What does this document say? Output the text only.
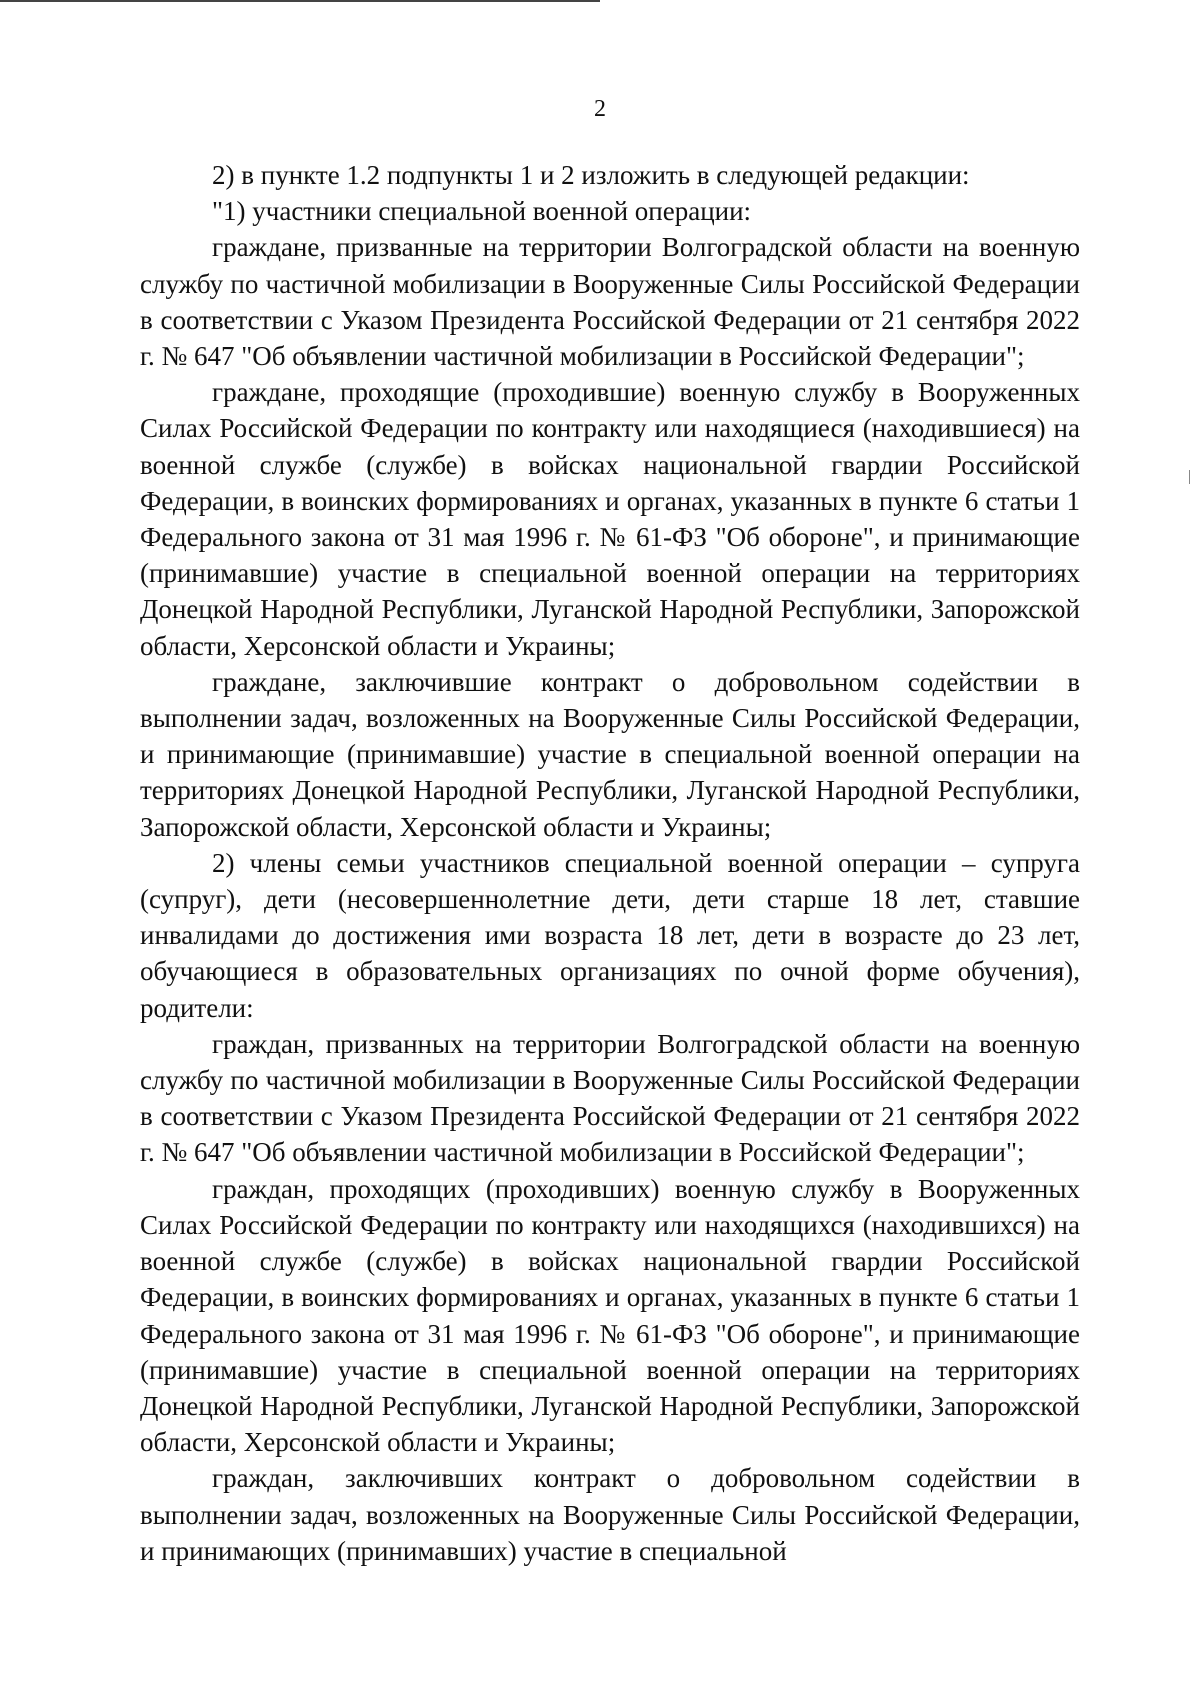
2

2) в пункте 1.2 подпункты 1 и 2 изложить в следующей редакции:

"1) участники специальной военной операции:

граждане, призванные на территории Волгоградской области на военную службу по частичной мобилизации в Вооруженные Силы Российской Федерации в соответствии с Указом Президента Российской Федерации от 21 сентября 2022 г. № 647 "Об объявлении частичной мобилизации в Российской Федерации";

граждане, проходящие (проходившие) военную службу в Вооруженных Силах Российской Федерации по контракту или находящиеся (находившиеся) на военной службе (службе) в войсках национальной гвардии Российской Федерации, в воинских формированиях и органах, указанных в пункте 6 статьи 1 Федерального закона от 31 мая 1996 г. № 61-ФЗ "Об обороне", и принимающие (принимавшие) участие в специальной военной операции на территориях Донецкой Народной Республики, Луганской Народной Республики, Запорожской области, Херсонской области и Украины;

граждане, заключившие контракт о добровольном содействии в выполнении задач, возложенных на Вооруженные Силы Российской Федерации, и принимающие (принимавшие) участие в специальной военной операции на территориях Донецкой Народной Республики, Луганской Народной Республики, Запорожской области, Херсонской области и Украины;

2) члены семьи участников специальной военной операции – супруга (супруг), дети (несовершеннолетние дети, дети старше 18 лет, ставшие инвалидами до достижения ими возраста 18 лет, дети в возрасте до 23 лет, обучающиеся в образовательных организациях по очной форме обучения), родители:

граждан, призванных на территории Волгоградской области на военную службу по частичной мобилизации в Вооруженные Силы Российской Федерации в соответствии с Указом Президента Российской Федерации от 21 сентября 2022 г. № 647 "Об объявлении частичной мобилизации в Российской Федерации";

граждан, проходящих (проходивших) военную службу в Вооруженных Силах Российской Федерации по контракту или находящихся (находившихся) на военной службе (службе) в войсках национальной гвардии Российской Федерации, в воинских формированиях и органах, указанных в пункте 6 статьи 1 Федерального закона от 31 мая 1996 г. № 61-ФЗ "Об обороне", и принимающие (принимавшие) участие в специальной военной операции на территориях Донецкой Народной Республики, Луганской Народной Республики, Запорожской области, Херсонской области и Украины;

граждан, заключивших контракт о добровольном содействии в выполнении задач, возложенных на Вооруженные Силы Российской Федерации, и принимающих (принимавших) участие в специальной
